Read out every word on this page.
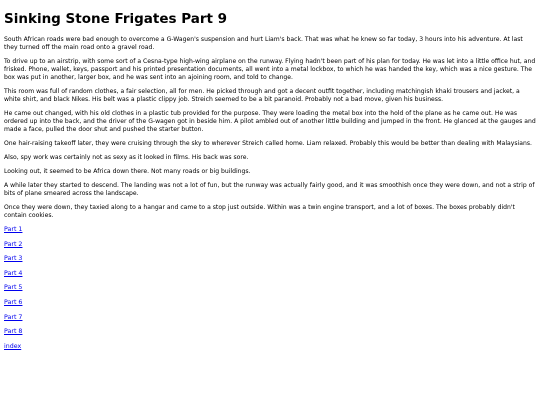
Sinking Stone Frigates Part 9

South African roads were bad enough to overcome a G-Wagen's suspension and hurt Liam's back. That was what he knew so far today, 3 hours into his adventure. At last they turned off the main road onto a gravel road.

To drive up to an airstrip, with some sort of a Cesna-type high-wing airplane on the runway. Flying hadn't been part of his plan for today. He was let into a little office hut, and frisked. Phone, wallet, keys, passport and his printed presentation documents, all went into a metal lockbox, to which he was handed the key, which was a nice gesture. The box was put in another, larger box, and he was sent into an ajoining room, and told to change.

This room was full of random clothes, a fair selection, all for men. He picked through and got a decent outfit together, including matchingish khaki trousers and jacket, a white shirt, and black Nikes. His belt was a plastic clippy job. Streich seemed to be a bit paranoid. Probably not a bad move, given his business.

He came out changed, with his old clothes in a plastic tub provided for the purpose. They were loading the metal box into the hold of the plane as he came out. He was ordered up into the back, and the driver of the G-wagen got in beside him. A pilot ambled out of another little building and jumped in the front. He glanced at the gauges and made a face, pulled the door shut and pushed the starter button.

One hair-raising takeoff later, they were cruising through the sky to wherever Streich called home. Liam relaxed. Probably this would be better than dealing with Malaysians.

Also, spy work was certainly not as sexy as it looked in films. His back was sore.

Looking out, it seemed to be Africa down there. Not many roads or big buildings.

A while later they started to descend. The landing was not a lot of fun, but the runway was actually fairly good, and it was smoothish once they were down, and not a strip of bits of plane smeared across the landscape.

Once they were down, they taxied along to a hangar and came to a stop just outside. Within was a twin engine transport, and a lot of boxes. The boxes probably didn't contain cookies.

Part 1
Part 2
Part 3
Part 4
Part 5
Part 6
Part 7
Part 8
index
